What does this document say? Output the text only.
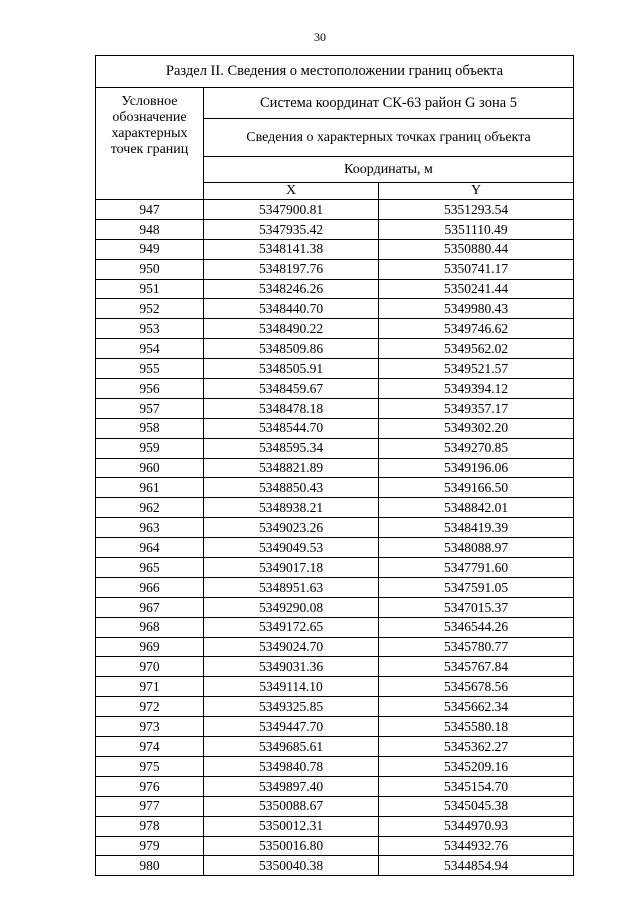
30
Раздел II. Сведения о местоположении границ объекта		
Условное
обозначение
характерных
точек границ	Система координат СК-63 район G зона 5	
	Сведения о характерных точках границ объекта	
	Координаты, м	
	X	Y
947	5347900.81	5351293.54
948	5347935.42	5351110.49
949	5348141.38	5350880.44
950	5348197.76	5350741.17
951	5348246.26	5350241.44
952	5348440.70	5349980.43
953	5348490.22	5349746.62
954	5348509.86	5349562.02
955	5348505.91	5349521.57
956	5348459.67	5349394.12
957	5348478.18	5349357.17
958	5348544.70	5349302.20
959	5348595.34	5349270.85
960	5348821.89	5349196.06
961	5348850.43	5349166.50
962	5348938.21	5348842.01
963	5349023.26	5348419.39
964	5349049.53	5348088.97
965	5349017.18	5347791.60
966	5348951.63	5347591.05
967	5349290.08	5347015.37
968	5349172.65	5346544.26
969	5349024.70	5345780.77
970	5349031.36	5345767.84
971	5349114.10	5345678.56
972	5349325.85	5345662.34
973	5349447.70	5345580.18
974	5349685.61	5345362.27
975	5349840.78	5345209.16
976	5349897.40	5345154.70
977	5350088.67	5345045.38
978	5350012.31	5344970.93
979	5350016.80	5344932.76
980	5350040.38	5344854.94
